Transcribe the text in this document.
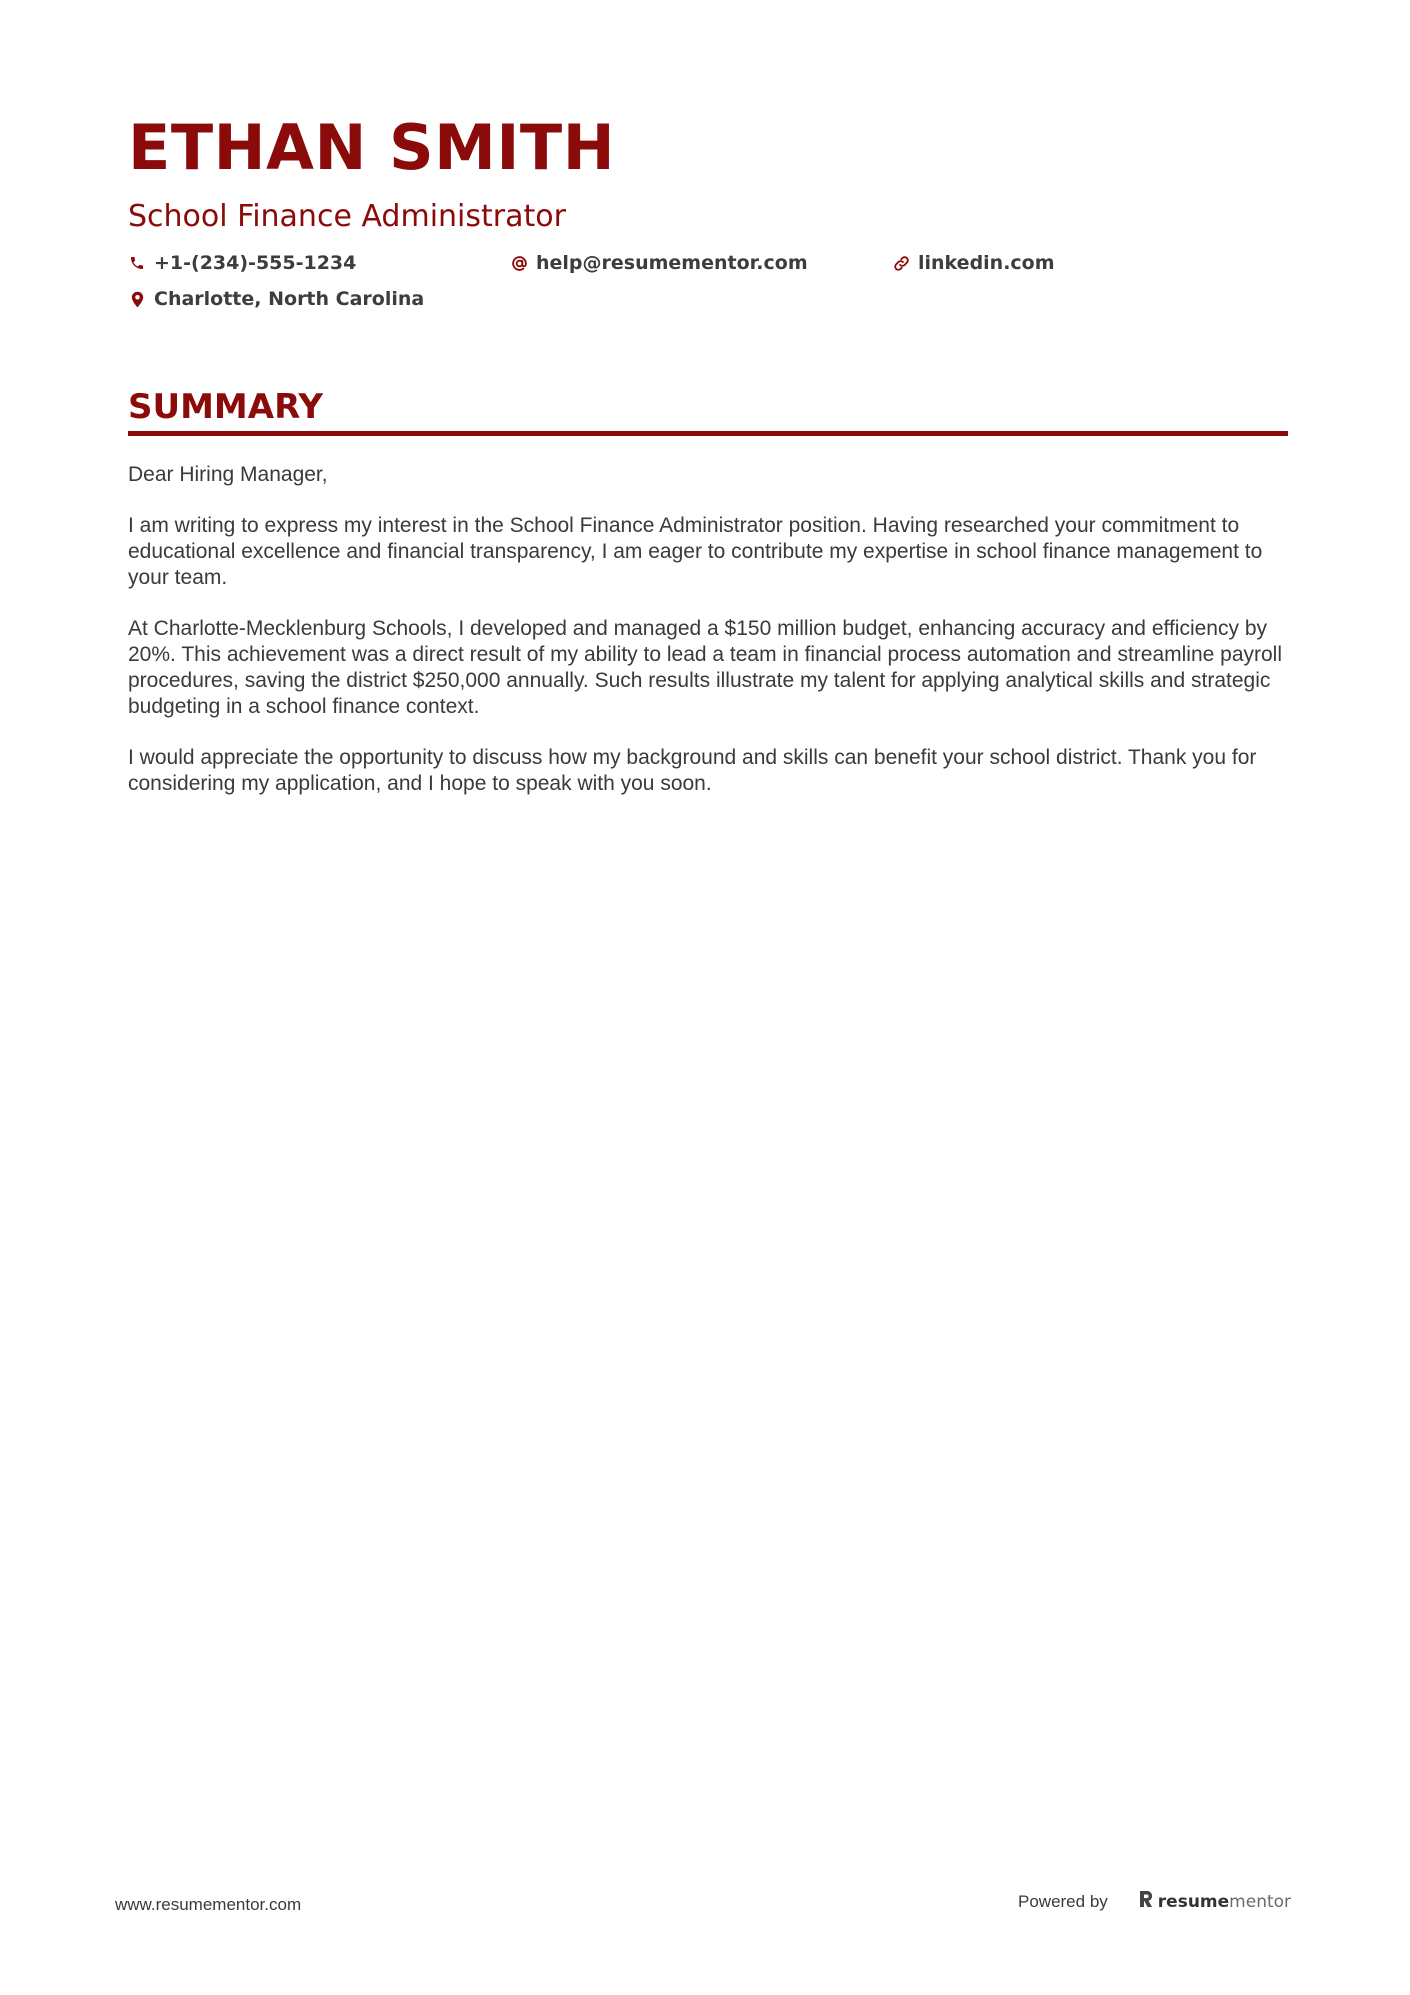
ETHAN SMITH
School Finance Administrator
+1-(234)-555-1234	help@resumementor.com	linkedin.com
Charlotte, North Carolina
SUMMARY

Dear Hiring Manager,

I am writing to express my interest in the School Finance Administrator position. Having researched your commitment to educational excellence and financial transparency, I am eager to contribute my expertise in school finance management to your team.

At Charlotte-Mecklenburg Schools, I developed and managed a $150 million budget, enhancing accuracy and efficiency by 20%. This achievement was a direct result of my ability to lead a team in financial process automation and streamline payroll procedures, saving the district $250,000 annually. Such results illustrate my talent for applying analytical skills and strategic budgeting in a school finance context.

I would appreciate the opportunity to discuss how my background and skills can benefit your school district. Thank you for considering my application, and I hope to speak with you soon.

www.resumementor.com	Powered by	resumementor
